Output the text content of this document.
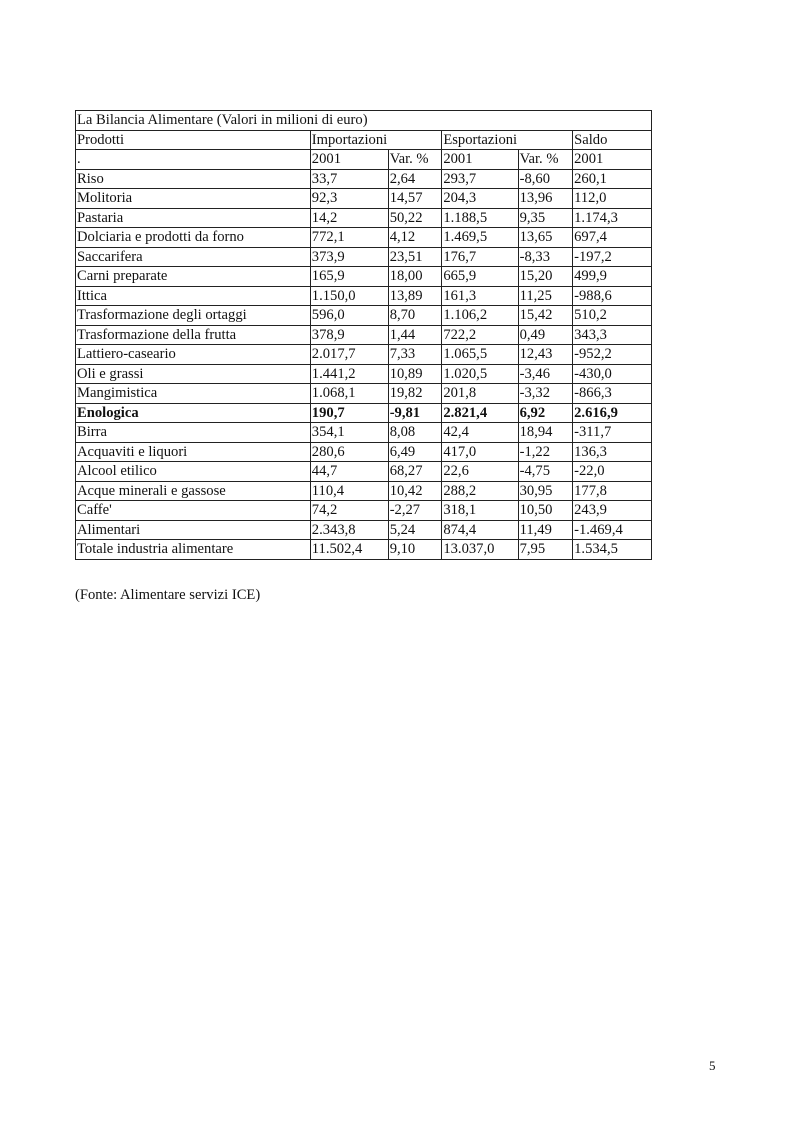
La Bilancia Alimentare (Valori in milioni di euro)					
Prodotti	Importazioni		Esportazioni		Saldo
.	2001	Var. %	2001	Var. %	2001
Riso	33,7	2,64	293,7	-8,60	260,1
Molitoria	92,3	14,57	204,3	13,96	112,0
Pastaria	14,2	50,22	1.188,5	9,35	1.174,3
Dolciaria e prodotti da forno	772,1	4,12	1.469,5	13,65	697,4
Saccarifera	373,9	23,51	176,7	-8,33	-197,2
Carni preparate	165,9	18,00	665,9	15,20	499,9
Ittica	1.150,0	13,89	161,3	11,25	-988,6
Trasformazione degli ortaggi	596,0	8,70	1.106,2	15,42	510,2
Trasformazione della frutta	378,9	1,44	722,2	0,49	343,3
Lattiero-caseario	2.017,7	7,33	1.065,5	12,43	-952,2
Oli e grassi	1.441,2	10,89	1.020,5	-3,46	-430,0
Mangimistica	1.068,1	19,82	201,8	-3,32	-866,3
Enologica	190,7	-9,81	2.821,4	6,92	2.616,9
Birra	354,1	8,08	42,4	18,94	-311,7
Acquaviti e liquori	280,6	6,49	417,0	-1,22	136,3
Alcool etilico	44,7	68,27	22,6	-4,75	-22,0
Acque minerali e gassose	110,4	10,42	288,2	30,95	177,8
Caffe'	74,2	-2,27	318,1	10,50	243,9
Alimentari	2.343,8	5,24	874,4	11,49	-1.469,4
Totale industria alimentare	11.502,4	9,10	13.037,0	7,95	1.534,5
(Fonte: Alimentare servizi ICE)
5
